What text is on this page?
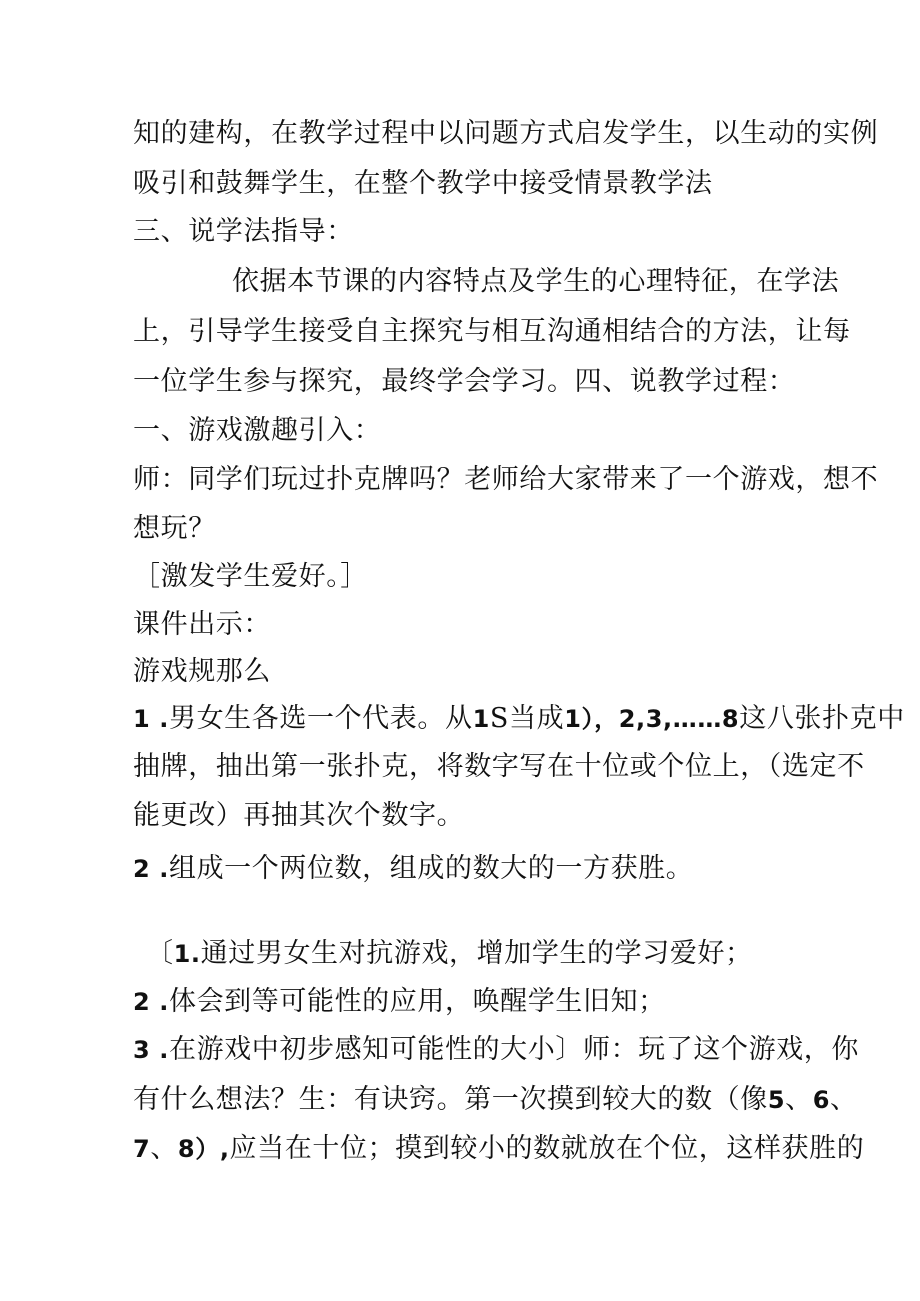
知的建构，在教学过程中以问题方式启发学生，以生动的实例
吸引和鼓舞学生，在整个教学中接受情景教学法
三、说学法指导：
依据本节课的内容特点及学生的心理特征，在学法
上，引导学生接受自主探究与相互沟通相结合的方法，让每
一位学生参与探究，最终学会学习。四、说教学过程：
一、游戏激趣引入：
师：同学们玩过扑克牌吗？老师给大家带来了一个游戏，想不
想玩？
［激发学生爱好。］
课件出示：
游戏规那么
1 .男女生各选一个代表。从1S当成1），2,3,……8这八张扑克中
抽牌，抽出第一张扑克，将数字写在十位或个位上，（选定不
能更改）再抽其次个数字。
2 .组成一个两位数，组成的数大的一方获胜。
〔1.通过男女生对抗游戏，增加学生的学习爱好；
2 .体会到等可能性的应用，唤醒学生旧知；
3 .在游戏中初步感知可能性的大小〕师：玩了这个游戏，你
有什么想法？生：有诀窍。第一次摸到较大的数（像5、6、
7、8）,应当在十位；摸到较小的数就放在个位，这样获胜的
